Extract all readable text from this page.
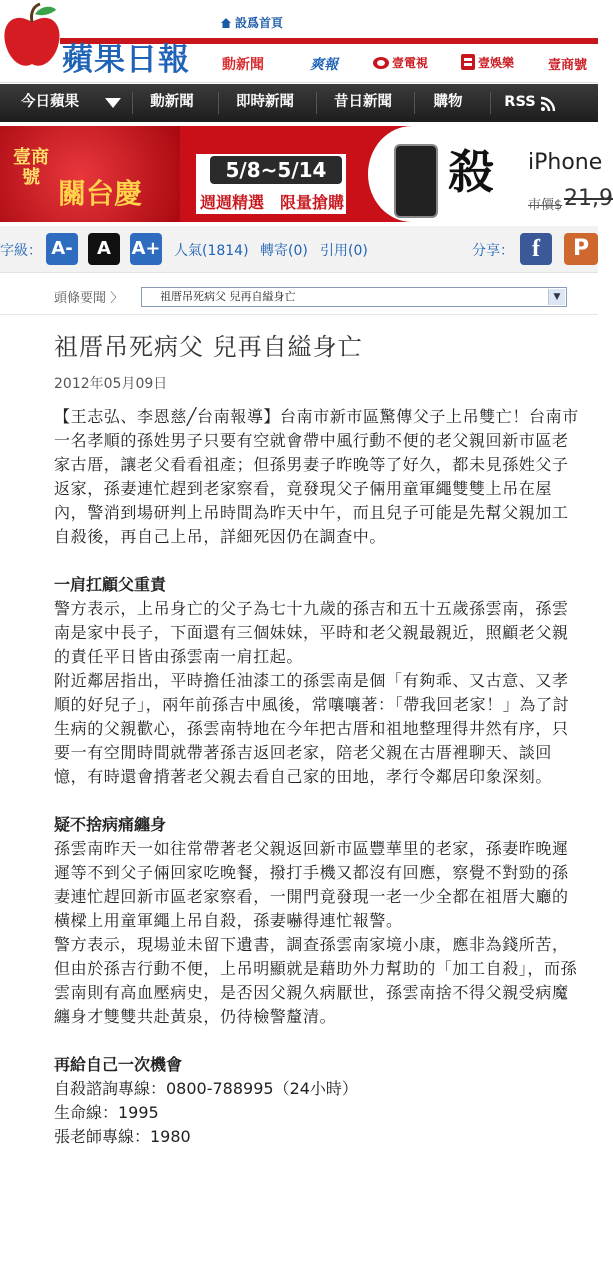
蘋果日報
設爲首頁
動新聞	爽報	壹電視	壹娛樂	壹商號
今日蘋果	動新聞	即時新聞	昔日新聞	購物	RSS
壹商號 關台慶
5/8~5/14
週週精選　限量搶購
殺 iPhone
市價$ 21,9
字級： A-	A	A+ 人氣(1814) 轉寄(0) 引用(0)	分享： f	P
頭條要聞 〉	祖厝吊死病父 兒再自縊身亡	▼
祖厝吊死病父 兒再自縊身亡
2012年05月09日

【王志弘、李恩慈╱台南報導】台南市新市區驚傳父子上吊雙亡！台南市一名孝順的孫姓男子只要有空就會帶中風行動不便的老父親回新市區老家古厝，讓老父看看祖產；但孫男妻子昨晚等了好久，都未見孫姓父子返家，孫妻連忙趕到老家察看，竟發現父子倆用童軍繩雙雙上吊在屋內，警消到場研判上吊時間為昨天中午，而且兒子可能是先幫父親加工自殺後，再自己上吊，詳細死因仍在調查中。

一肩扛顧父重責

警方表示，上吊身亡的父子為七十九歲的孫吉和五十五歲孫雲南，孫雲南是家中長子，下面還有三個妹妹，平時和老父親最親近，照顧老父親的責任平日皆由孫雲南一肩扛起。

附近鄰居指出，平時擔任油漆工的孫雲南是個「有夠乖、又古意、又孝順的好兒子」，兩年前孫吉中風後，常嚷嚷著：「帶我回老家！」為了討生病的父親歡心，孫雲南特地在今年把古厝和祖地整理得井然有序，只要一有空閒時間就帶著孫吉返回老家，陪老父親在古厝裡聊天、談回憶，有時還會揹著老父親去看自己家的田地，孝行令鄰居印象深刻。

疑不捨病痛纏身

孫雲南昨天一如往常帶著老父親返回新市區豐華里的老家，孫妻昨晚遲遲等不到父子倆回家吃晚餐，撥打手機又都沒有回應，察覺不對勁的孫妻連忙趕回新市區老家察看，一開門竟發現一老一少全都在祖厝大廳的橫樑上用童軍繩上吊自殺，孫妻嚇得連忙報警。

警方表示，現場並未留下遺書，調查孫雲南家境小康，應非為錢所苦，但由於孫吉行動不便，上吊明顯就是藉助外力幫助的「加工自殺」，而孫雲南則有高血壓病史，是否因父親久病厭世，孫雲南捨不得父親受病魔纏身才雙雙共赴黃泉，仍待檢警釐清。

再給自己一次機會

自殺諮詢專線：0800-788995（24小時）

生命線：1995

張老師專線：1980
